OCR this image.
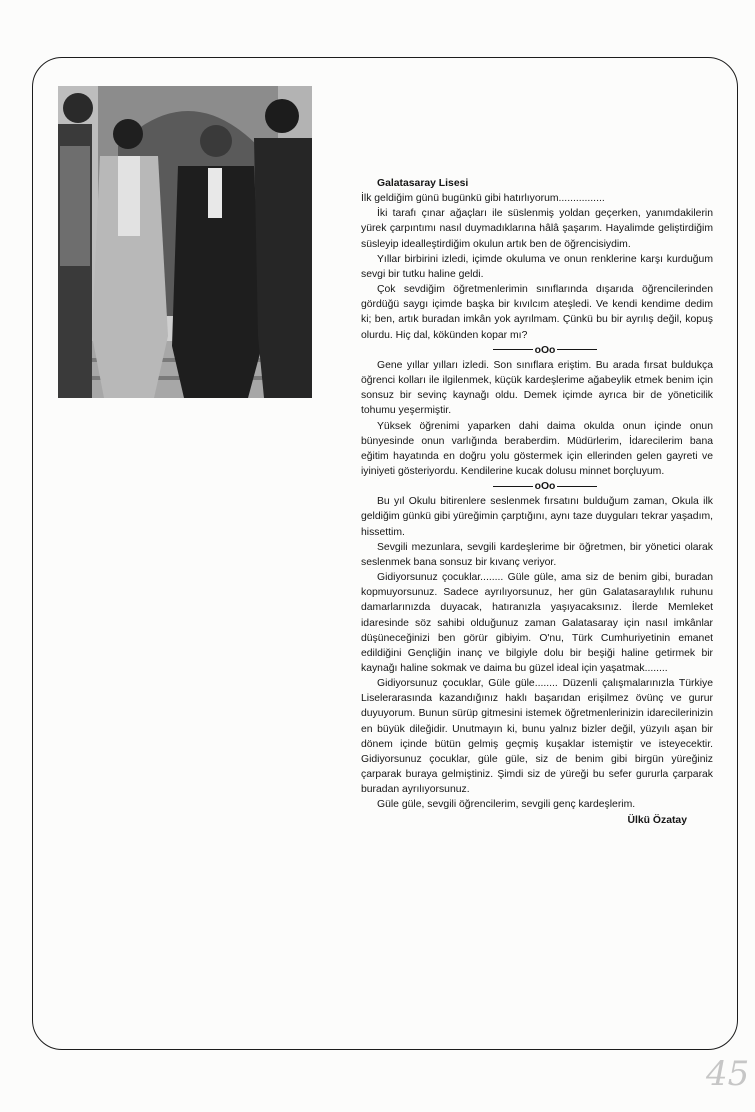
Galatasaray Lisesi

İlk geldiğim günü bugünkü gibi hatırlıyorum................

İki tarafı çınar ağaçları ile süslenmiş yoldan geçerken, yanımdakilerin yürek çarpıntımı nasıl duymadıklarına hâlâ şaşarım. Hayalimde geliştirdiğim süsleyip idealleştirdiğim okulun artık ben de öğrencisiydim.

Yıllar birbirini izledi, içimde okuluma ve onun renklerine karşı kurduğum sevgi bir tutku haline geldi.

Çok sevdiğim öğretmenlerimin sınıflarında dışarıda öğrencilerinden gördüğü saygı içimde başka bir kıvılcım ateşledi. Ve kendi kendime dedim ki; ben, artık buradan imkân yok ayrılmam. Çünkü bu bir ayrılış değil, kopuş olurdu. Hiç dal, kökünden kopar mı?

oOo

Gene yıllar yılları izledi. Son sınıflara eriştim. Bu arada fırsat buldukça öğrenci kolları ile ilgilenmek, küçük kardeşlerime ağabeylik etmek benim için sonsuz bir sevinç kaynağı oldu. Demek içimde ayrıca bir de yöneticilik tohumu yeşermiştir.

Yüksek öğrenimi yaparken dahi daima okulda onun içinde onun bünyesinde onun varlığında beraberdim. Müdürlerim, İdarecilerim bana eğitim hayatında en doğru yolu göstermek için ellerinden gelen gayreti ve iyiniyeti gösteriyordu. Kendilerine kucak dolusu minnet borçluyum.

oOo

Bu yıl Okulu bitirenlere seslenmek fırsatını bulduğum zaman, Okula ilk geldiğim günkü gibi yüreğimin çarptığını, aynı taze duyguları tekrar yaşadım, hissettim.

Sevgili mezunlara, sevgili kardeşlerime bir öğretmen, bir yönetici olarak seslenmek bana sonsuz bir kıvanç veriyor.

Gidiyorsunuz çocuklar........ Güle güle, ama siz de benim gibi, buradan kopmuyorsunuz. Sadece ayrılıyorsunuz, her gün Galatasaraylılık ruhunu damarlarınızda duyacak, hatıranızla yaşıyacaksınız. İlerde Memleket idaresinde söz sahibi olduğunuz zaman Galatasaray için nasıl imkânlar düşüneceğinizi ben görür gibiyim. O'nu, Türk Cumhuriyetinin emanet edildiğini Gençliğin inanç ve bilgiyle dolu bir beşiği haline getirmek bir kaynağı haline sokmak ve daima bu güzel ideal için yaşatmak........

Gidiyorsunuz çocuklar, Güle güle........ Düzenli çalışmalarınızla Türkiye Liselerarasında kazandığınız haklı başarıdan erişilmez övünç ve gurur duyuyorum. Bunun sürüp gitmesini istemek öğretmenlerinizin idarecilerinizin en büyük dileğidir. Unutmayın ki, bunu yalnız bizler değil, yüzyılı aşan bir dönem içinde bütün gelmiş geçmiş kuşaklar istemiştir ve isteyecektir. Gidiyorsunuz çocuklar, güle güle, siz de benim gibi birgün yüreğiniz çarparak buraya gelmiştiniz. Şimdi siz de yüreği bu sefer gururla çarparak buradan ayrılıyorsunuz.

Güle güle, sevgili öğrencilerim, sevgili genç kardeşlerim.

Ülkü Özatay

45
